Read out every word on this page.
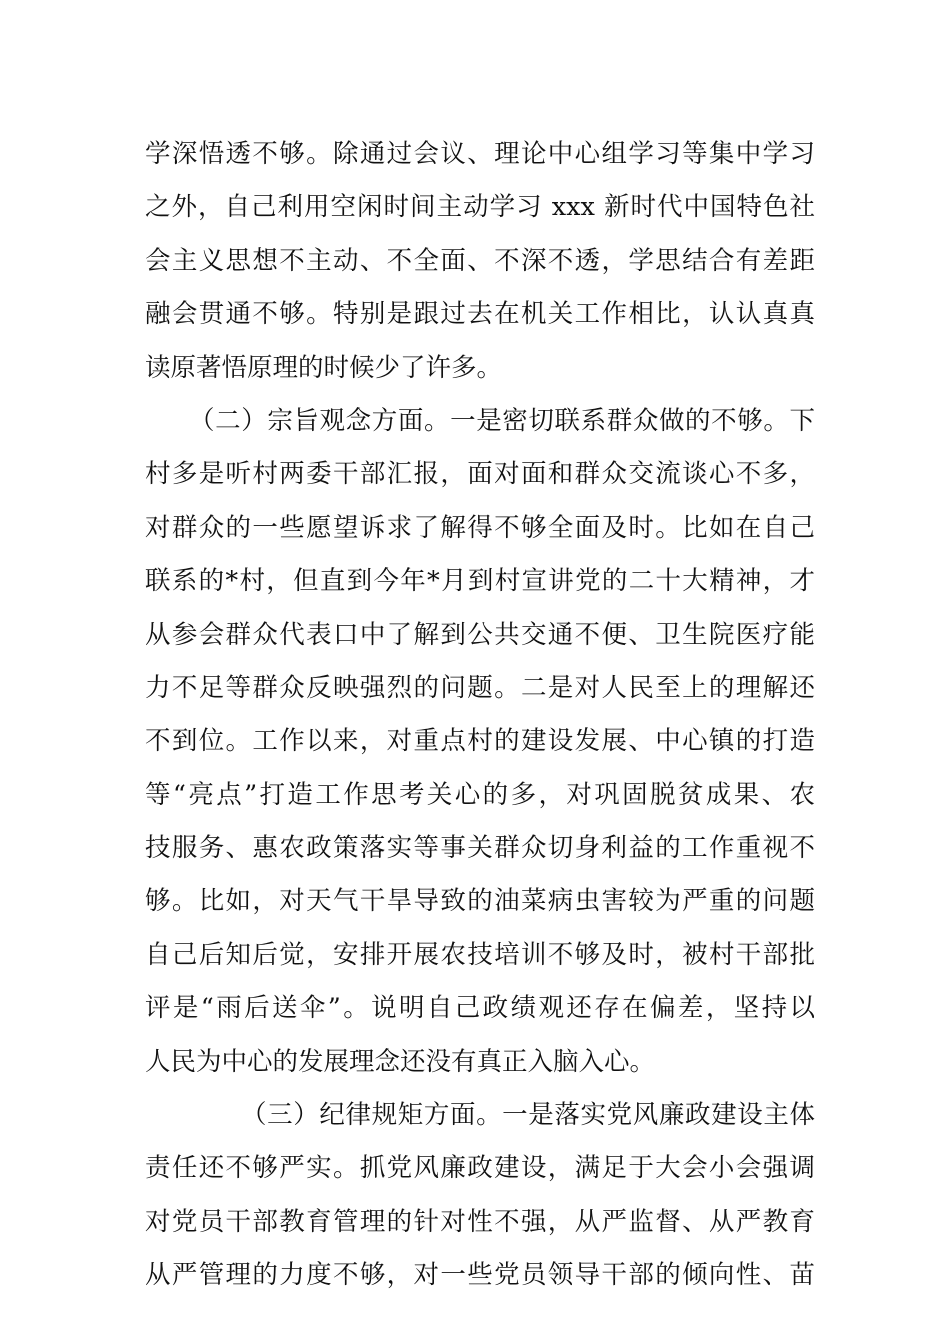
学深悟透不够。除通过会议、理论中心组学习等集中学习
之外，自己利用空闲时间主动学习 xxx 新时代中国特色社
会主义思想不主动、不全面、不深不透，学思结合有差距
融会贯通不够。特别是跟过去在机关工作相比，认认真真
读原著悟原理的时候少了许多。
（二）宗旨观念方面。一是密切联系群众做的不够。下
村多是听村两委干部汇报，面对面和群众交流谈心不多，
对群众的一些愿望诉求了解得不够全面及时。比如在自己
联系的*村，但直到今年*月到村宣讲党的二十大精神，才
从参会群众代表口中了解到公共交通不便、卫生院医疗能
力不足等群众反映强烈的问题。二是对人民至上的理解还
不到位。工作以来，对重点村的建设发展、中心镇的打造
等“亮点”打造工作思考关心的多，对巩固脱贫成果、农
技服务、惠农政策落实等事关群众切身利益的工作重视不
够。比如，对天气干旱导致的油菜病虫害较为严重的问题
自己后知后觉，安排开展农技培训不够及时，被村干部批
评是“雨后送伞”。说明自己政绩观还存在偏差，坚持以
人民为中心的发展理念还没有真正入脑入心。
（三）纪律规矩方面。一是落实党风廉政建设主体
责任还不够严实。抓党风廉政建设，满足于大会小会强调
对党员干部教育管理的针对性不强，从严监督、从严教育
从严管理的力度不够，对一些党员领导干部的倾向性、苗
